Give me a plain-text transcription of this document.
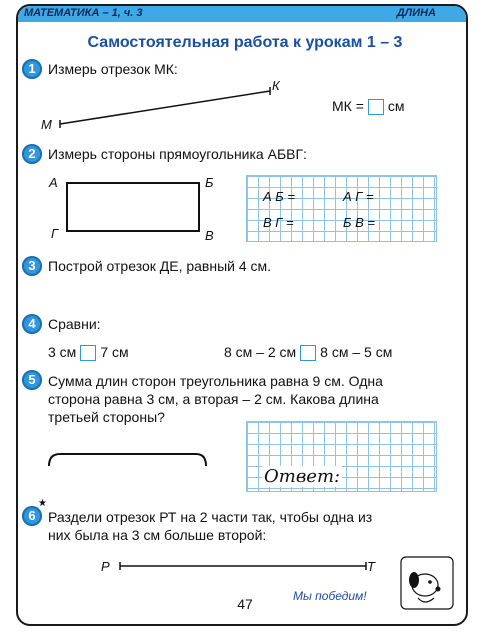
МАТЕМАТИКА – 1, ч. 3	ДЛИНА
Самостоятельная работа к урокам 1 – 3
1 Измерь отрезок МК:
М
К
МК = см
2 Измерь стороны прямоугольника АБВГ:
А	Б
Г	В
А Б =	А Г =
В Г =	Б В =
3 Построй отрезок ДЕ, равный 4 см.
4 Сравни:
3 см 7 см	8 см – 2 см 8 см – 5 см
5 Сумма длин сторон треугольника равна 9 см. Одна
сторона равна 3 см, а вторая – 2 см. Какова длина
третьей стороны?
Ответ:
★
6 Раздели отрезок РТ на 2 части так, чтобы одна из
них была на 3 см больше второй:
Р	Т
Мы победим!
47
